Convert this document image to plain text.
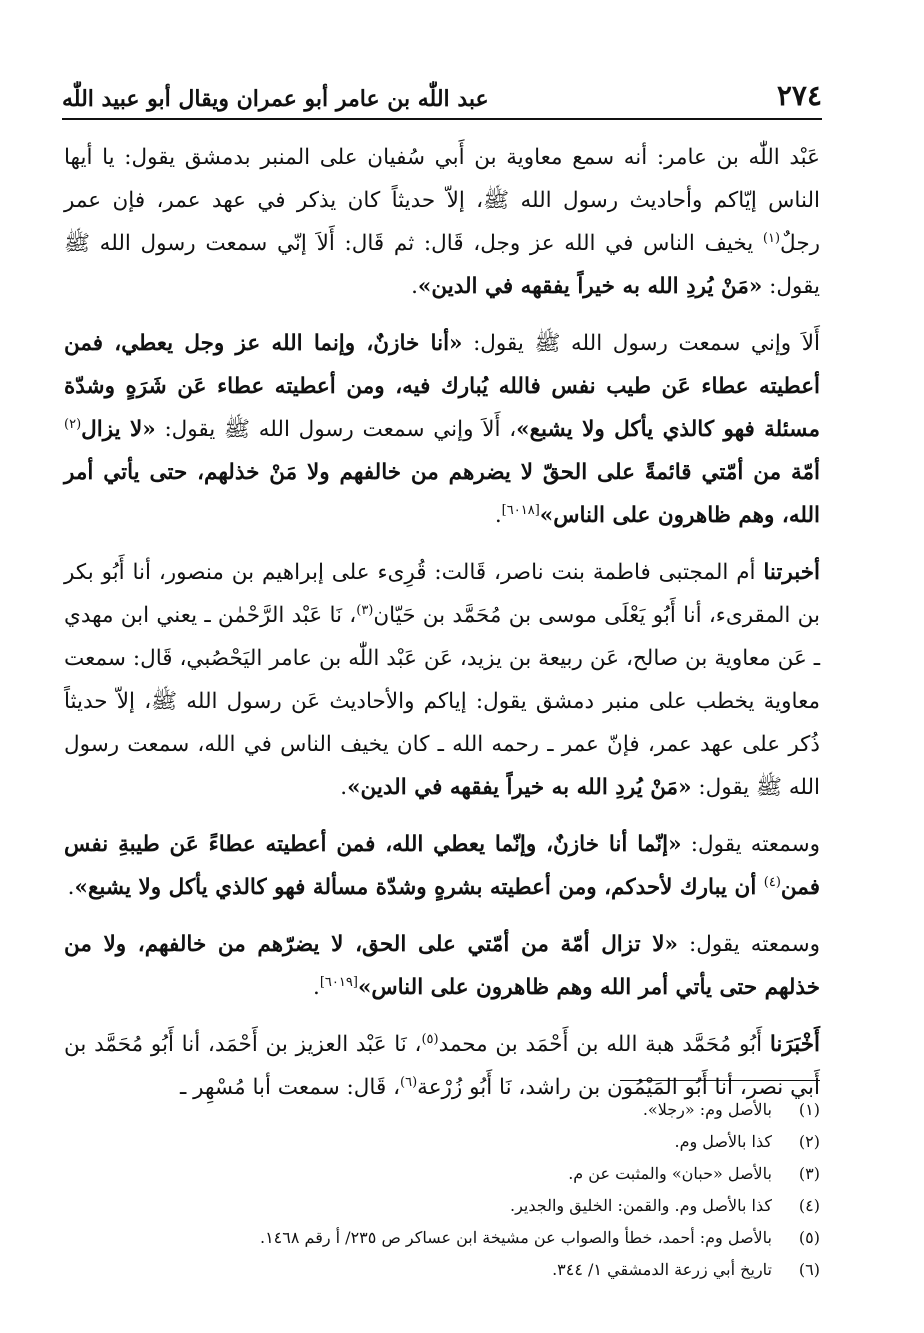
٢٧٤
عبد اللّٰه بن عامر أبو عمران ويقال أبو عبيد اللّٰه

عَبْد اللّٰه بن عامر: أنه سمع معاوية بن أَبي سُفيان على المنبر بدمشق يقول: يا أيها الناس إيّاكم وأحاديث رسول الله ﷺ، إلاّ حديثاً كان يذكر في عهد عمر، فإن عمر رجلٌ$^{(١)}$ يخيف الناس في الله عز وجل، قَال: ثم قَال: أَلاَ إنّي سمعت رسول الله ﷺ يقول: «مَنْ يُردِ الله به خيراً يفقهه في الدين».

أَلاَ وإني سمعت رسول الله ﷺ يقول: «أنا خازنٌ، وإنما الله عز وجل يعطي، فمن أعطيته عطاء عَن طيب نفس فالله يُبارك فيه، ومن أعطيته عطاء عَن شَرَهٍ وشدّة مسئلة فهو كالذي يأكل ولا يشبع»، أَلاَ وإني سمعت رسول الله ﷺ يقول: «لا يزال$^{(٢)}$ أمّة من أمّتي قائمةً على الحقّ لا يضرهم من خالفهم ولا مَنْ خذلهم، حتى يأتي أمر الله، وهم ظاهرون على الناس»[٦٠١٨].

أخبرتنا أم المجتبى فاطمة بنت ناصر، قَالت: قُرِىء على إبراهيم بن منصور، أنا أَبُو بكر بن المقرىء، أنا أَبُو يَعْلَى موسى بن مُحَمَّد بن حَيّان$^{(٣)}$، نَا عَبْد الرَّحْمٰن ـ يعني ابن مهدي ـ عَن معاوية بن صالح، عَن ربيعة بن يزيد، عَن عَبْد اللّٰه بن عامر اليَحْصُبي، قَال: سمعت معاوية يخطب على منبر دمشق يقول: إياكم والأحاديث عَن رسول الله ﷺ، إلاّ حديثاً ذُكر على عهد عمر، فإنّ عمر ـ رحمه الله ـ كان يخيف الناس في الله، سمعت رسول الله ﷺ يقول: «مَنْ يُردِ الله به خيراً يفقهه في الدين».

وسمعته يقول: «إنّما أنا خازنٌ، وإنّما يعطي الله، فمن أعطيته عطاءً عَن طيبةِ نفس فمن$^{(٤)}$ أن يبارك لأحدكم، ومن أعطيته بشرهٍ وشدّة مسألة فهو كالذي يأكل ولا يشبع».

وسمعته يقول: «لا تزال أمّة من أمّتي على الحق، لا يضرّهم من خالفهم، ولا من خذلهم حتى يأتي أمر الله وهم ظاهرون على الناس»[٦٠١٩].

أَخْبَرَنا أَبُو مُحَمَّد هبة الله بن أَحْمَد بن محمد$^{(٥)}$، نَا عَبْد العزيز بن أَحْمَد، أنا أَبُو مُحَمَّد بن أَبي نصر، أنا أَبُو المَيْمُون بن راشد، نَا أَبُو زُرْعة$^{(٦)}$، قَال: سمعت أبا مُسْهِر ـ

(١)
بالأصل وم: «رجلا».
(٢)
كذا بالأصل وم.
(٣)
بالأصل «حبان» والمثبت عن م.
(٤)
كذا بالأصل وم. والقمن: الخليق والجدير.
(٥)
بالأصل وم: أحمد، خطأ والصواب عن مشيخة ابن عساكر ص ٢٣٥/ أ رقم ١٤٦٨.
(٦)
تاريخ أبي زرعة الدمشقي ١/ ٣٤٤.
